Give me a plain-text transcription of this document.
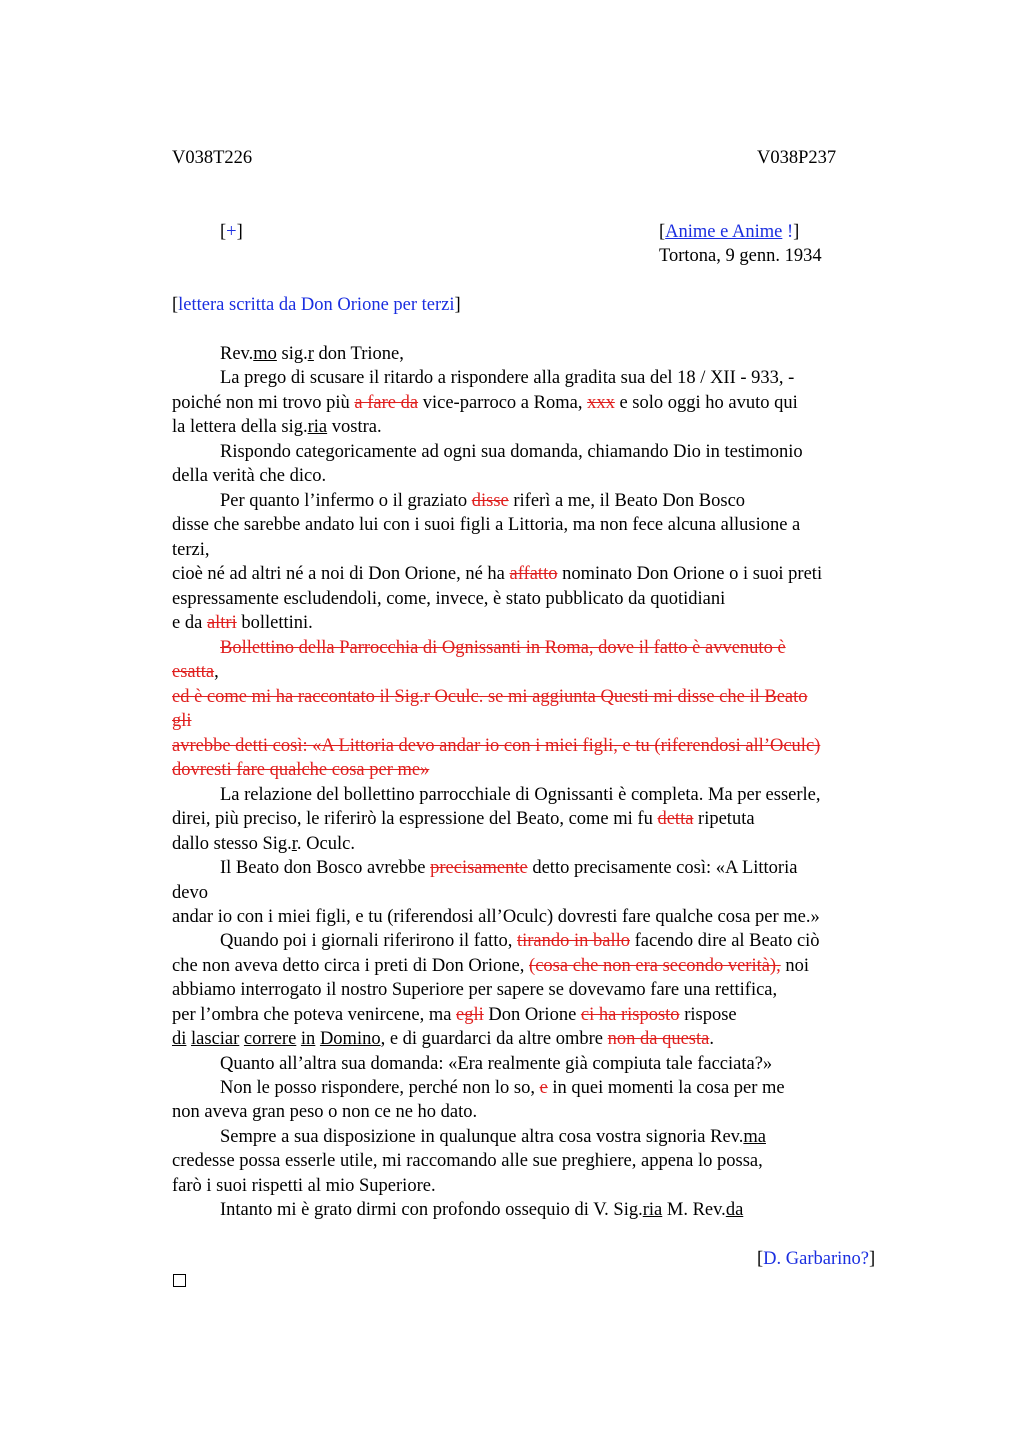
V038T226	V038P237
[+]	[Anime e Anime !]
Tortona, 9 genn. 1934
[lettera scritta da Don Orione per terzi]
Rev.mo sig.r don Trione,
La prego di scusare il ritardo a rispondere alla gradita sua del 18 / XII - 933, -
poiché non mi trovo più a fare da vice-parroco a Roma, xxx e solo oggi ho avuto qui
la lettera della sig.ria vostra.
Rispondo categoricamente ad ogni sua domanda, chiamando Dio in testimonio
della verità che dico.
Per quanto l’infermo o il graziato disse riferì a me, il Beato Don Bosco
disse che sarebbe andato lui con i suoi figli a Littoria, ma non fece alcuna allusione a
terzi,
cioè né ad altri né a noi di Don Orione, né ha affatto nominato Don Orione o i suoi preti
espressamente escludendoli, come, invece, è stato pubblicato da quotidiani
e da altri bollettini.
Bollettino della Parrocchia di Ognissanti in Roma, dove il fatto è avvenuto è
esatta,
ed è come mi ha raccontato il Sig.r Oculc. se mi aggiunta Questi mi disse che il Beato
gli
avrebbe detti così: «A Littoria devo andar io con i miei figli, e tu (riferendosi all’Oculc)
dovresti fare qualche cosa per me»
La relazione del bollettino parrocchiale di Ognissanti è completa. Ma per esserle,
direi, più preciso, le riferirò la espressione del Beato, come mi fu detta ripetuta
dallo stesso Sig.r. Oculc.
Il Beato don Bosco avrebbe precisamente detto precisamente così: «A Littoria
devo
andar io con i miei figli, e tu (riferendosi all’Oculc) dovresti fare qualche cosa per me.»
Quando poi i giornali riferirono il fatto, tirando in ballo facendo dire al Beato ciò
che non aveva detto circa i preti di Don Orione, (cosa che non era secondo verità), noi
abbiamo interrogato il nostro Superiore per sapere se dovevamo fare una rettifica,
per l’ombra che poteva venircene, ma egli Don Orione ci ha risposto rispose
di lasciar correre in Domino, e di guardarci da altre ombre non da questa.
Quanto all’altra sua domanda: «Era realmente già compiuta tale facciata?»
Non le posso rispondere, perché non lo so, e in quei momenti la cosa per me
non aveva gran peso o non ce ne ho dato.
Sempre a sua disposizione in qualunque altra cosa vostra signoria Rev.ma
credesse possa esserle utile, mi raccomando alle sue preghiere, appena lo possa,
farò i suoi rispetti al mio Superiore.
Intanto mi è grato dirmi con profondo ossequio di V. Sig.ria M. Rev.da
[D. Garbarino?]
